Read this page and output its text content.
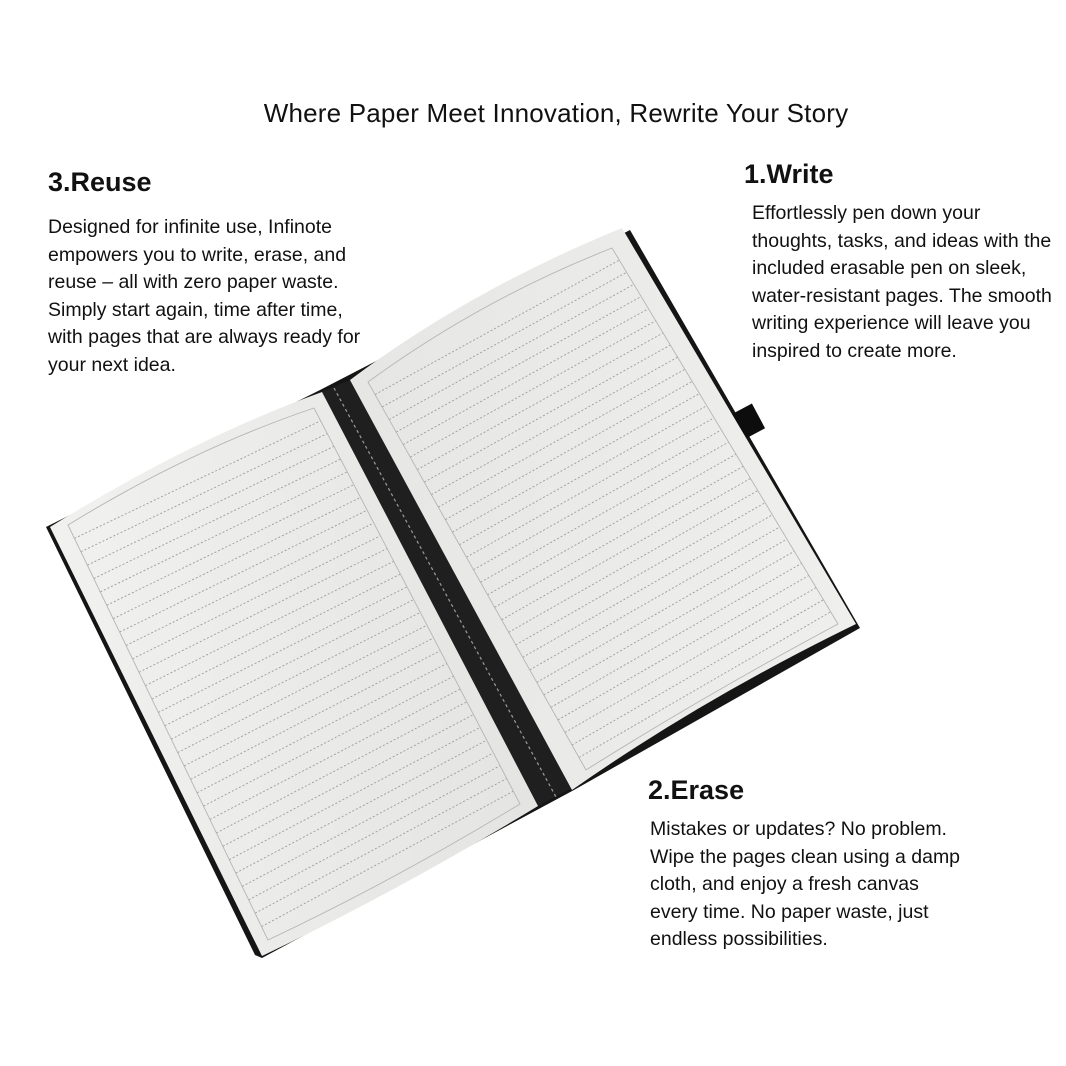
Where Paper Meet Innovation, Rewrite Your Story
3.Reuse

Designed for infinite use, Infinote empowers you to write, erase, and reuse – all with zero paper waste. Simply start again, time after time, with pages that are always ready for your next idea.

1.Write

Effortlessly pen down your thoughts, tasks, and ideas with the included erasable pen on sleek, water-resistant pages. The smooth writing experience will leave you inspired to create more.

2.Erase

Mistakes or updates? No problem. Wipe the pages clean using a damp cloth, and enjoy a fresh canvas every time. No paper waste, just endless possibilities.
